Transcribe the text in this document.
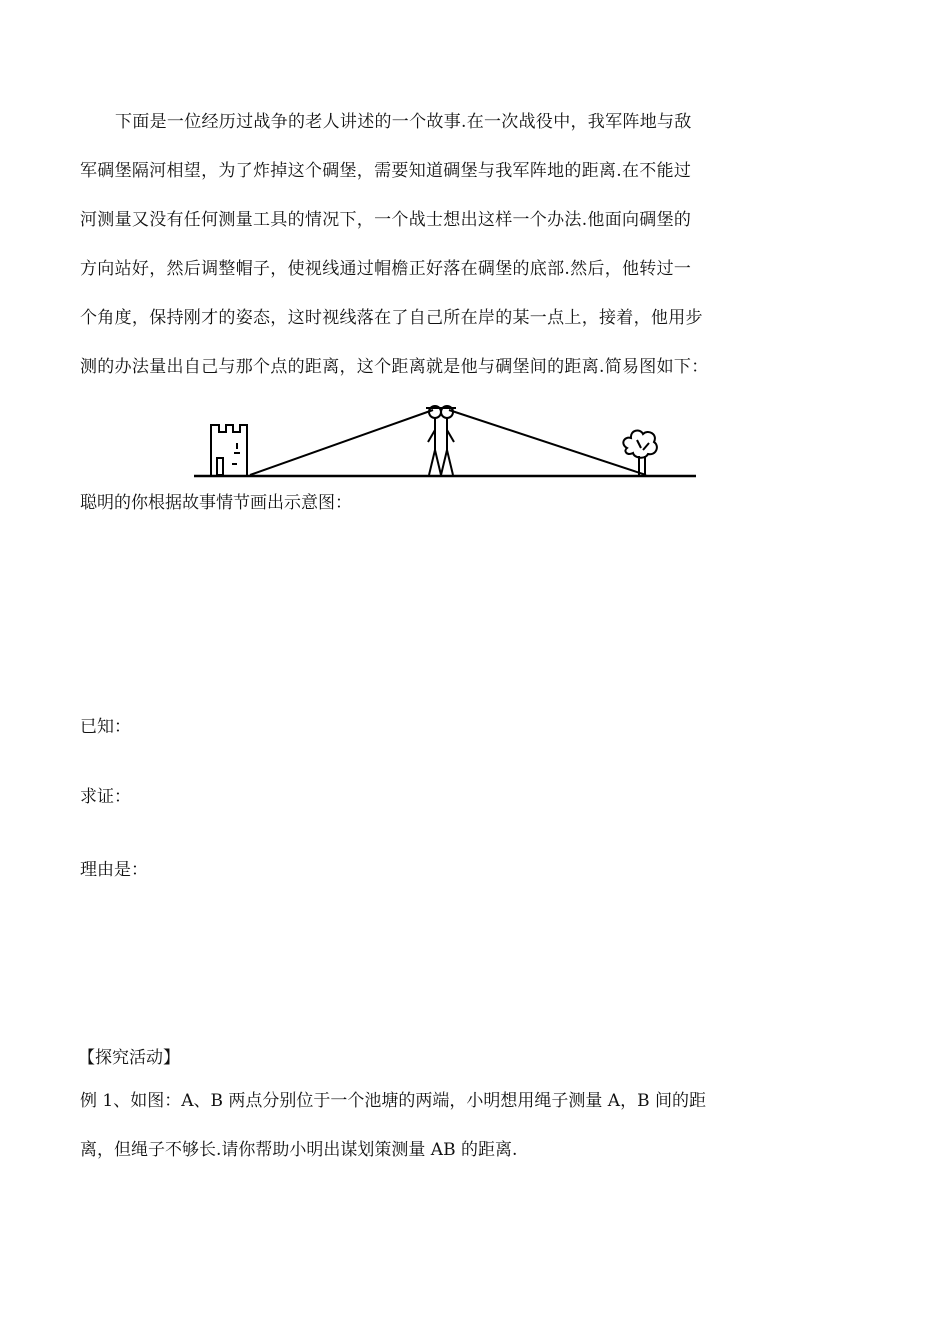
下面是一位经历过战争的老人讲述的一个故事.在一次战役中，我军阵地与敌
军碉堡隔河相望，为了炸掉这个碉堡，需要知道碉堡与我军阵地的距离.在不能过
河测量又没有任何测量工具的情况下，一个战士想出这样一个办法.他面向碉堡的
方向站好，然后调整帽子，使视线通过帽檐正好落在碉堡的底部.然后，他转过一
个角度，保持刚才的姿态，这时视线落在了自己所在岸的某一点上，接着，他用步
测的办法量出自己与那个点的距离，这个距离就是他与碉堡间的距离.简易图如下：
聪明的你根据故事情节画出示意图：
已知：
求证：
理由是：
【探究活动】
例 1、如图：A、B 两点分别位于一个池塘的两端，小明想用绳子测量 A，B 间的距
离，但绳子不够长.请你帮助小明出谋划策测量 AB 的距离.
